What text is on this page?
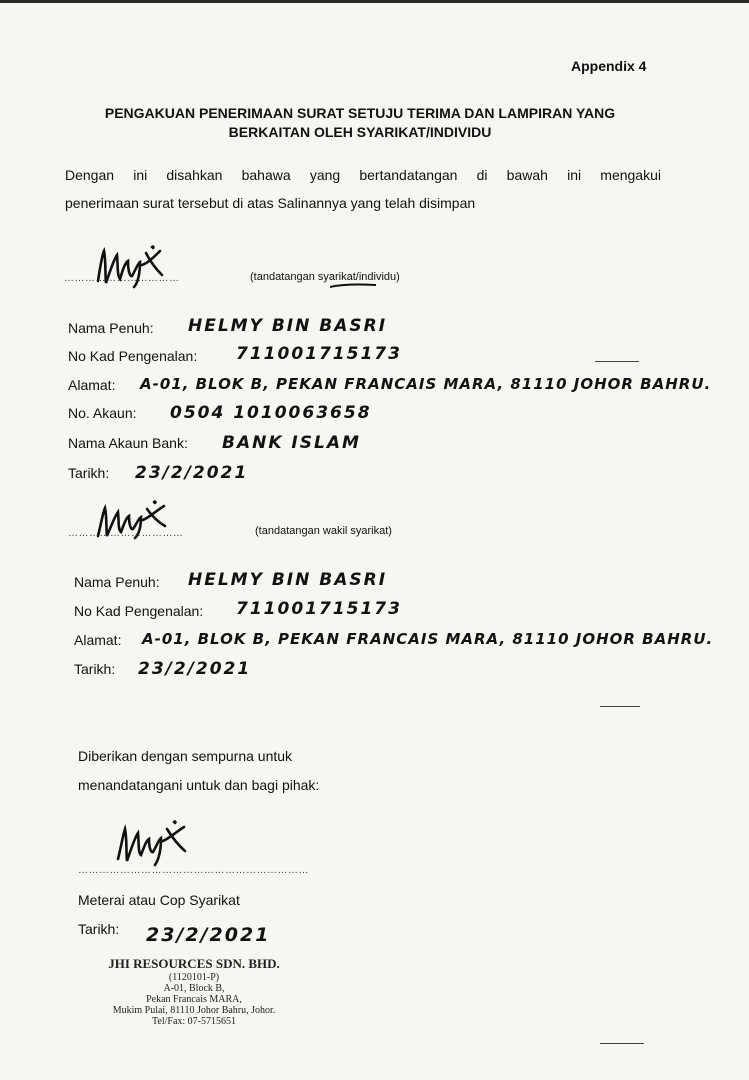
Appendix 4
PENGAKUAN PENERIMAAN SURAT SETUJU TERIMA DAN LAMPIRAN YANG
BERKAITAN OLEH SYARIKAT/INDIVIDU
Dengan ini disahkan bahawa yang bertandatangan di bawah ini mengakui
penerimaan surat tersebut di atas Salinannya yang telah disimpan
……………………………	(tandatangan syarikat/individu)
Nama Penuh: HELMY BIN BASRI
No Kad Pengenalan: 711001715173
Alamat: A-01, BLOK B, PEKAN FRANCAIS MARA, 81110 JOHOR BAHRU.
No. Akaun: 0504 1010063658
Nama Akaun Bank: BANK ISLAM
Tarikh: 23/2/2021
……………………………	(tandatangan wakil syarikat)
Nama Penuh: HELMY BIN BASRI
No Kad Pengenalan: 711001715173
Alamat: A-01, BLOK B, PEKAN FRANCAIS MARA, 81110 JOHOR BAHRU.
Tarikh: 23/2/2021
Diberikan dengan sempurna untuk
menandatangani untuk dan bagi pihak:
…………………………………………………………
Meterai atau Cop Syarikat
Tarikh: 23/2/2021
JHI RESOURCES SDN. BHD.
(1120101-P)
A-01, Block B,
Pekan Francais MARA,
Mukim Pulai, 81110 Johor Bahru, Johor.
Tel/Fax: 07-5715651
